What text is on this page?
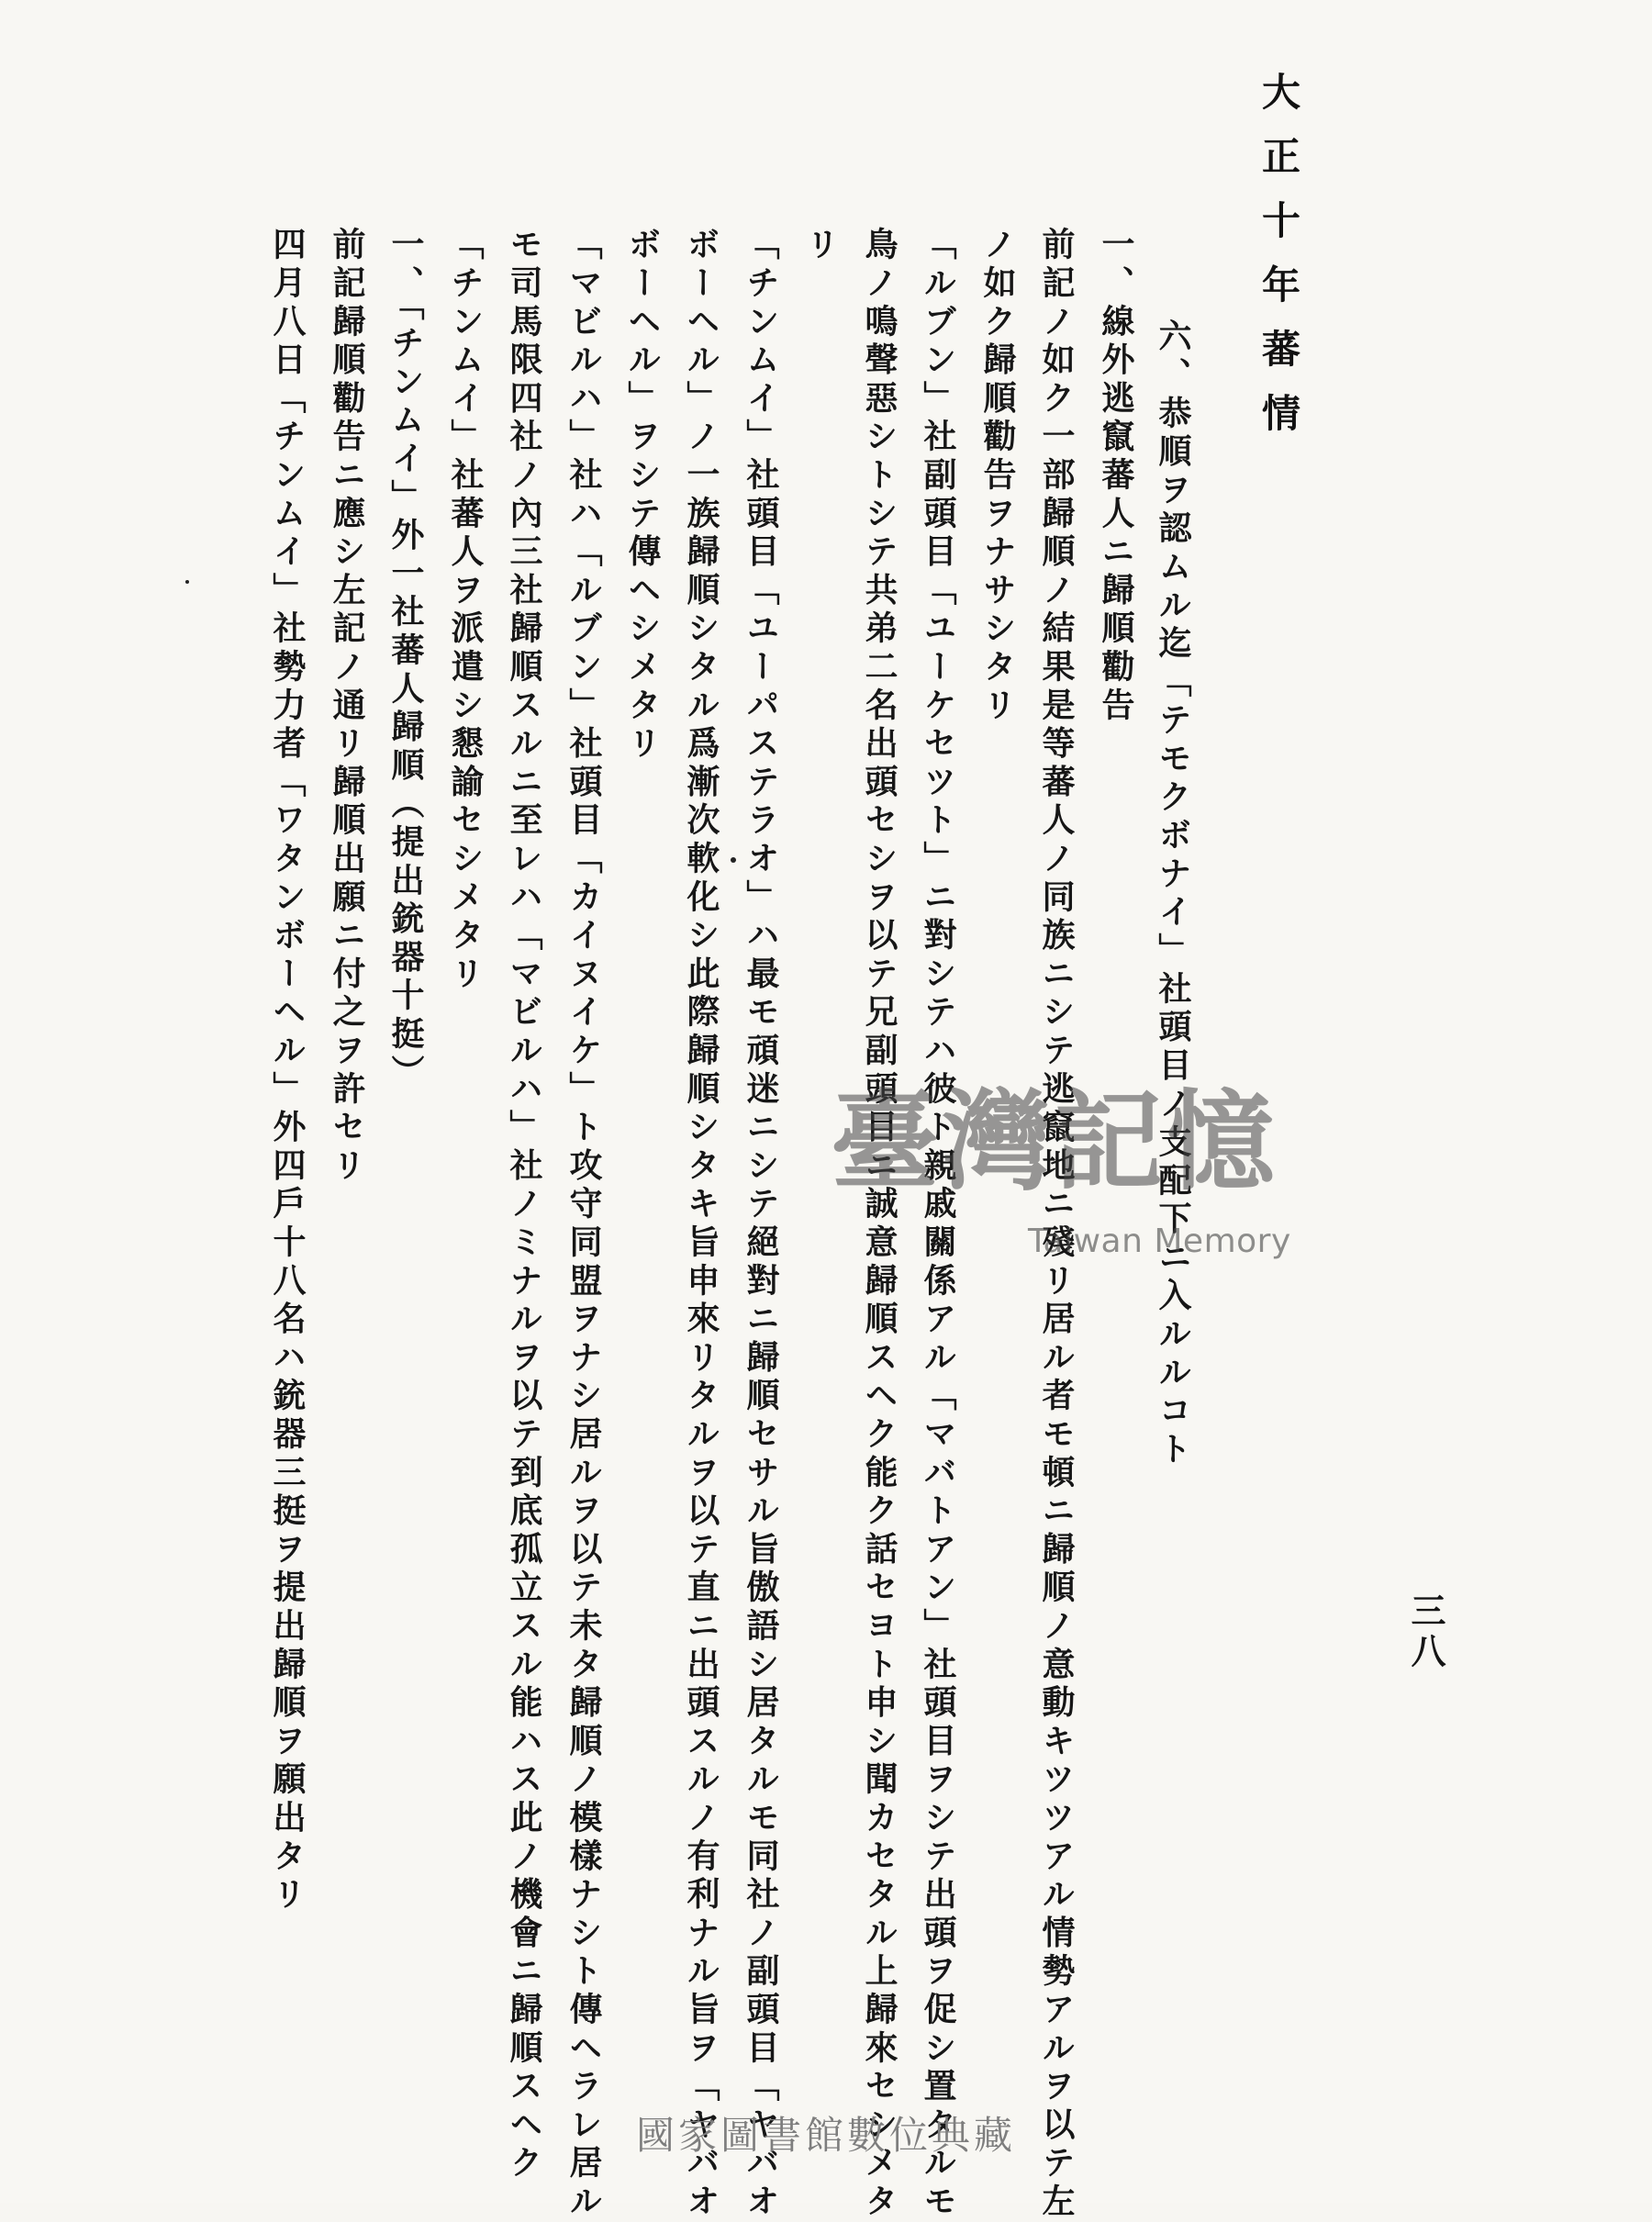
大正十年蕃情
三八
六、恭順ヲ認ムル迄「テモクボナイ」社頭目ノ支配下ニ入ルルコト
一、線外逃竄蕃人ニ歸順勸告
前記ノ如ク一部歸順ノ結果是等蕃人ノ同族ニシテ逃竄地ニ殘リ居ル者モ頓ニ歸順ノ意動キツツアル情勢アルヲ以テ左
ノ如ク歸順勸告ヲナサシタリ
「ルブン」社副頭目「ユーケセツト」ニ對シテハ彼ト親戚關係アル「マバトアン」社頭目ヲシテ出頭ヲ促シ置タルモ
鳥ノ鳴聲惡シトシテ共弟二名出頭セシヲ以テ兄副頭目ニ誠意歸順スヘク能ク話セヨト申シ聞カセタル上歸來セシメタ
リ
「チンムイ」社頭目「ユーパステラオ」ハ最モ頑迷ニシテ絕對ニ歸順セサル旨傲語シ居タルモ同社ノ副頭目「ヤバオ
ボーヘル」ノ一族歸順シタル爲漸次軟化シ此際歸順シタキ旨申來リタルヲ以テ直ニ出頭スルノ有利ナル旨ヲ「ヤバオ
ボーヘル」ヲシテ傳ヘシメタリ
「マビルハ」社ハ「ルブン」社頭目「カイヌイケ」ト攻守同盟ヲナシ居ルヲ以テ未タ歸順ノ模樣ナシト傳ヘラレ居ル
モ司馬限四社ノ內三社歸順スルニ至レハ「マビルハ」社ノミナルヲ以テ到底孤立スル能ハス此ノ機會ニ歸順スヘク
「チンムイ」社蕃人ヲ派遣シ懇諭セシメタリ
一、「チンムイ」外一社蕃人歸順（提出銃器十挺）
前記歸順勸告ニ應シ左記ノ通リ歸順出願ニ付之ヲ許セリ
四月八日「チンムイ」社勢力者「ワタンボーヘル」外四戶十八名ハ銃器三挺ヲ提出歸順ヲ願出タリ	臺灣記憶
Taiwan Memory
國家圖書館數位典藏
